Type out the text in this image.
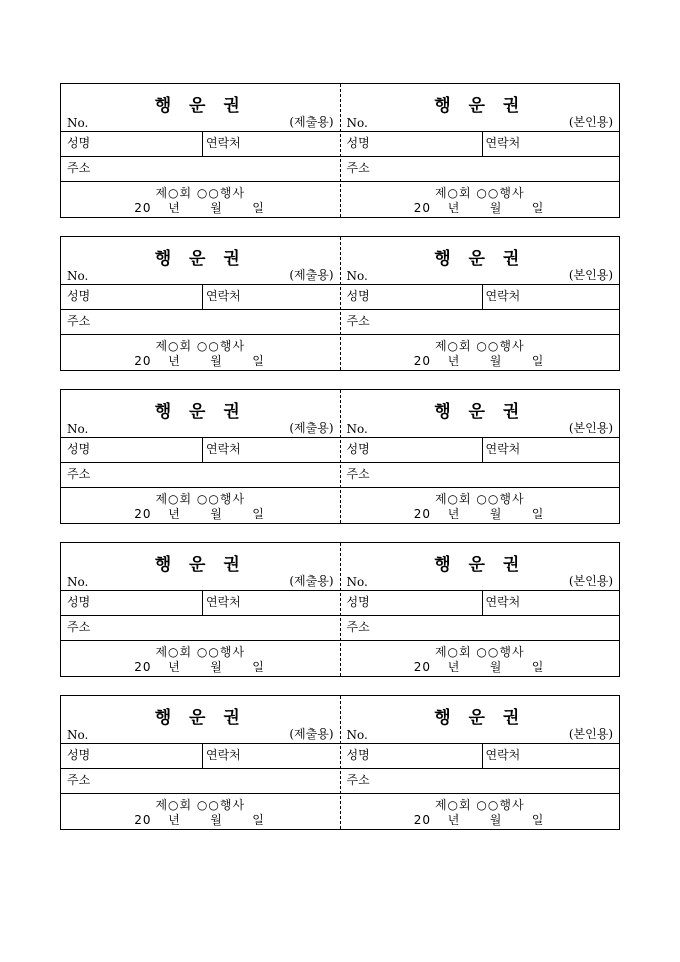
행 운 권
No.	(제출용)
성명	연락처
주소
제○회 ○○행사
20 년 월 일
행 운 권
No.	(본인용)
성명	연락처
주소
제○회 ○○행사
20 년 월 일
행 운 권
No.	(제출용)
성명	연락처
주소
제○회 ○○행사
20 년 월 일
행 운 권
No.	(본인용)
성명	연락처
주소
제○회 ○○행사
20 년 월 일
행 운 권
No.	(제출용)
성명	연락처
주소
제○회 ○○행사
20 년 월 일
행 운 권
No.	(본인용)
성명	연락처
주소
제○회 ○○행사
20 년 월 일
행 운 권
No.	(제출용)
성명	연락처
주소
제○회 ○○행사
20 년 월 일
행 운 권
No.	(본인용)
성명	연락처
주소
제○회 ○○행사
20 년 월 일
행 운 권
No.	(제출용)
성명	연락처
주소
제○회 ○○행사
20 년 월 일
행 운 권
No.	(본인용)
성명	연락처
주소
제○회 ○○행사
20 년 월 일
